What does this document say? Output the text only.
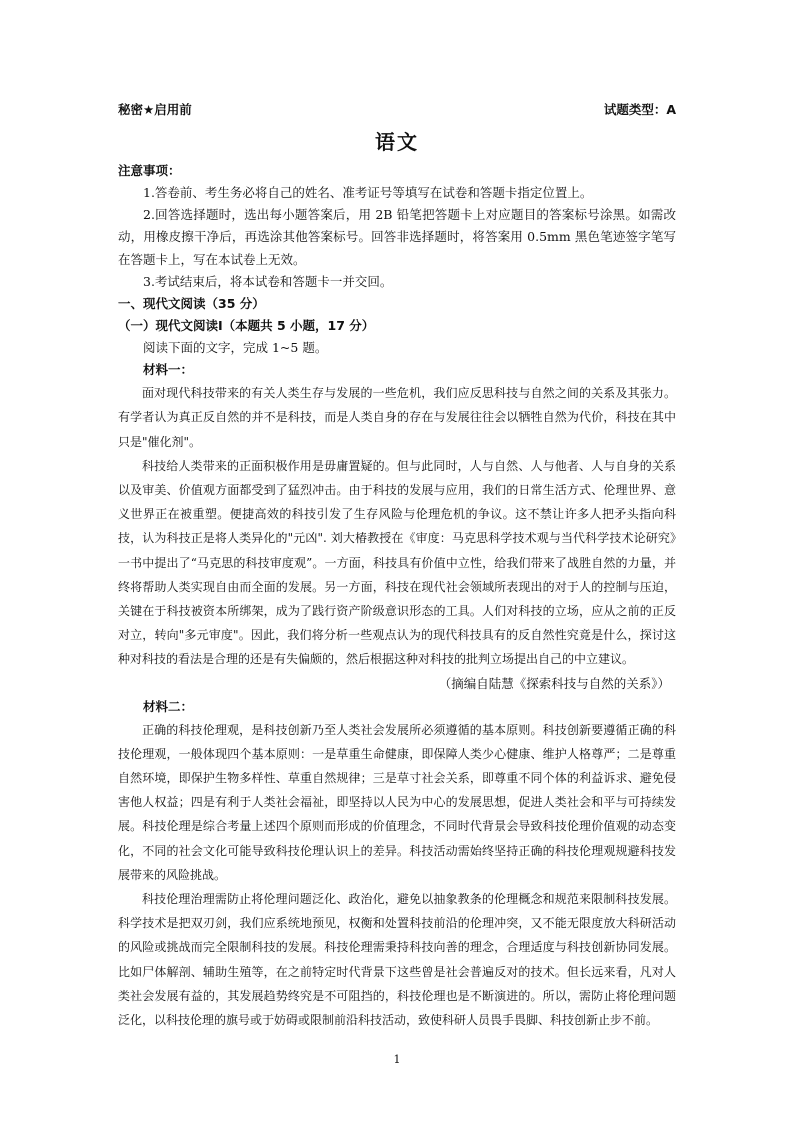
秘密★启用前	试题类型：A
语文

注意事项：

1.答卷前、考生务必将自己的姓名、准考证号等填写在试卷和答题卡指定位置上。

2.回答选择题时，选出每小题答案后，用 2B 铅笔把答题卡上对应题目的答案标号涂黑。如需改动，用橡皮擦干净后，再选涂其他答案标号。回答非选择题时，将答案用 0.5mm 黑色笔迹签字笔写在答题卡上，写在本试卷上无效。

3.考试结束后，将本试卷和答题卡一并交回。

一、现代文阅读（35 分）

（一）现代文阅读Ⅰ（本题共 5 小题，17 分）

阅读下面的文字，完成 1~5 题。

材料一：

面对现代科技带来的有关人类生存与发展的一些危机，我们应反思科技与自然之间的关系及其张力。有学者认为真正反自然的并不是科技，而是人类自身的存在与发展往往会以牺牲自然为代价，科技在其中只是"催化剂"。

科技给人类带来的正面积极作用是毋庸置疑的。但与此同时，人与自然、人与他者、人与自身的关系以及审美、价值观方面都受到了猛烈冲击。由于科技的发展与应用，我们的日常生活方式、伦理世界、意义世界正在被重塑。便捷高效的科技引发了生存风险与伦理危机的争议。这不禁让许多人把矛头指向科技，认为科技正是将人类异化的"元凶". 刘大椿教授在《审度：马克思科学技术观与当代科学技术论研究》一书中提出了“马克思的科技审度观”。一方面，科技具有价值中立性，给我们带来了战胜自然的力量，并终将帮助人类实现自由而全面的发展。另一方面，科技在现代社会领域所表现出的对于人的控制与压迫，关键在于科技被资本所绑架，成为了践行资产阶级意识形态的工具。人们对科技的立场，应从之前的正反对立，转向"多元审度"。因此，我们将分析一些观点认为的现代科技具有的反自然性究竟是什么，探讨这种对科技的看法是合理的还是有失偏颇的，然后根据这种对科技的批判立场提出自己的中立建议。

（摘编自陆慧《探索科技与自然的关系》）

材料二：

正确的科技伦理观，是科技创新乃至人类社会发展所必须遵循的基本原则。科技创新要遵循正确的科技伦理观，一般体现四个基本原则：一是草重生命健康，即保障人类少心健康、维护人格尊严；二是尊重自然环境，即保护生物多样性、草重自然规律；三是草寸社会关系，即尊重不同个体的利益诉求、避免侵害他人权益；四是有利于人类社会福祉，即坚持以人民为中心的发展思想，促进人类社会和平与可持续发展。科技伦理是综合考量上述四个原则而形成的价值理念，不同时代背景会导致科技伦理价值观的动态变化，不同的社会文化可能导致科技伦理认识上的差异。科技活动需始终坚持正确的科技伦理观规避科技发展带来的风险挑战。

科技伦理治理需防止将伦理问题泛化、政治化，避免以抽象教条的伦理概念和规范来限制科技发展。科学技术是把双刃剑，我们应系统地预见，权衡和处置科技前沿的伦理冲突，又不能无限度放大科研活动的风险或挑战而完全限制科技的发展。科技伦理需秉持科技向善的理念，合理适度与科技创新协同发展。比如尸体解剖、辅助生殖等，在之前特定时代背景下这些曾是社会普遍反对的技术。但长远来看，凡对人类社会发展有益的，其发展趋势终究是不可阻挡的，科技伦理也是不断演进的。所以，需防止将伦理问题泛化，以科技伦理的旗号或于妨碍或限制前沿科技活动，致使科研人员畏手畏脚、科技创新止步不前。

1
